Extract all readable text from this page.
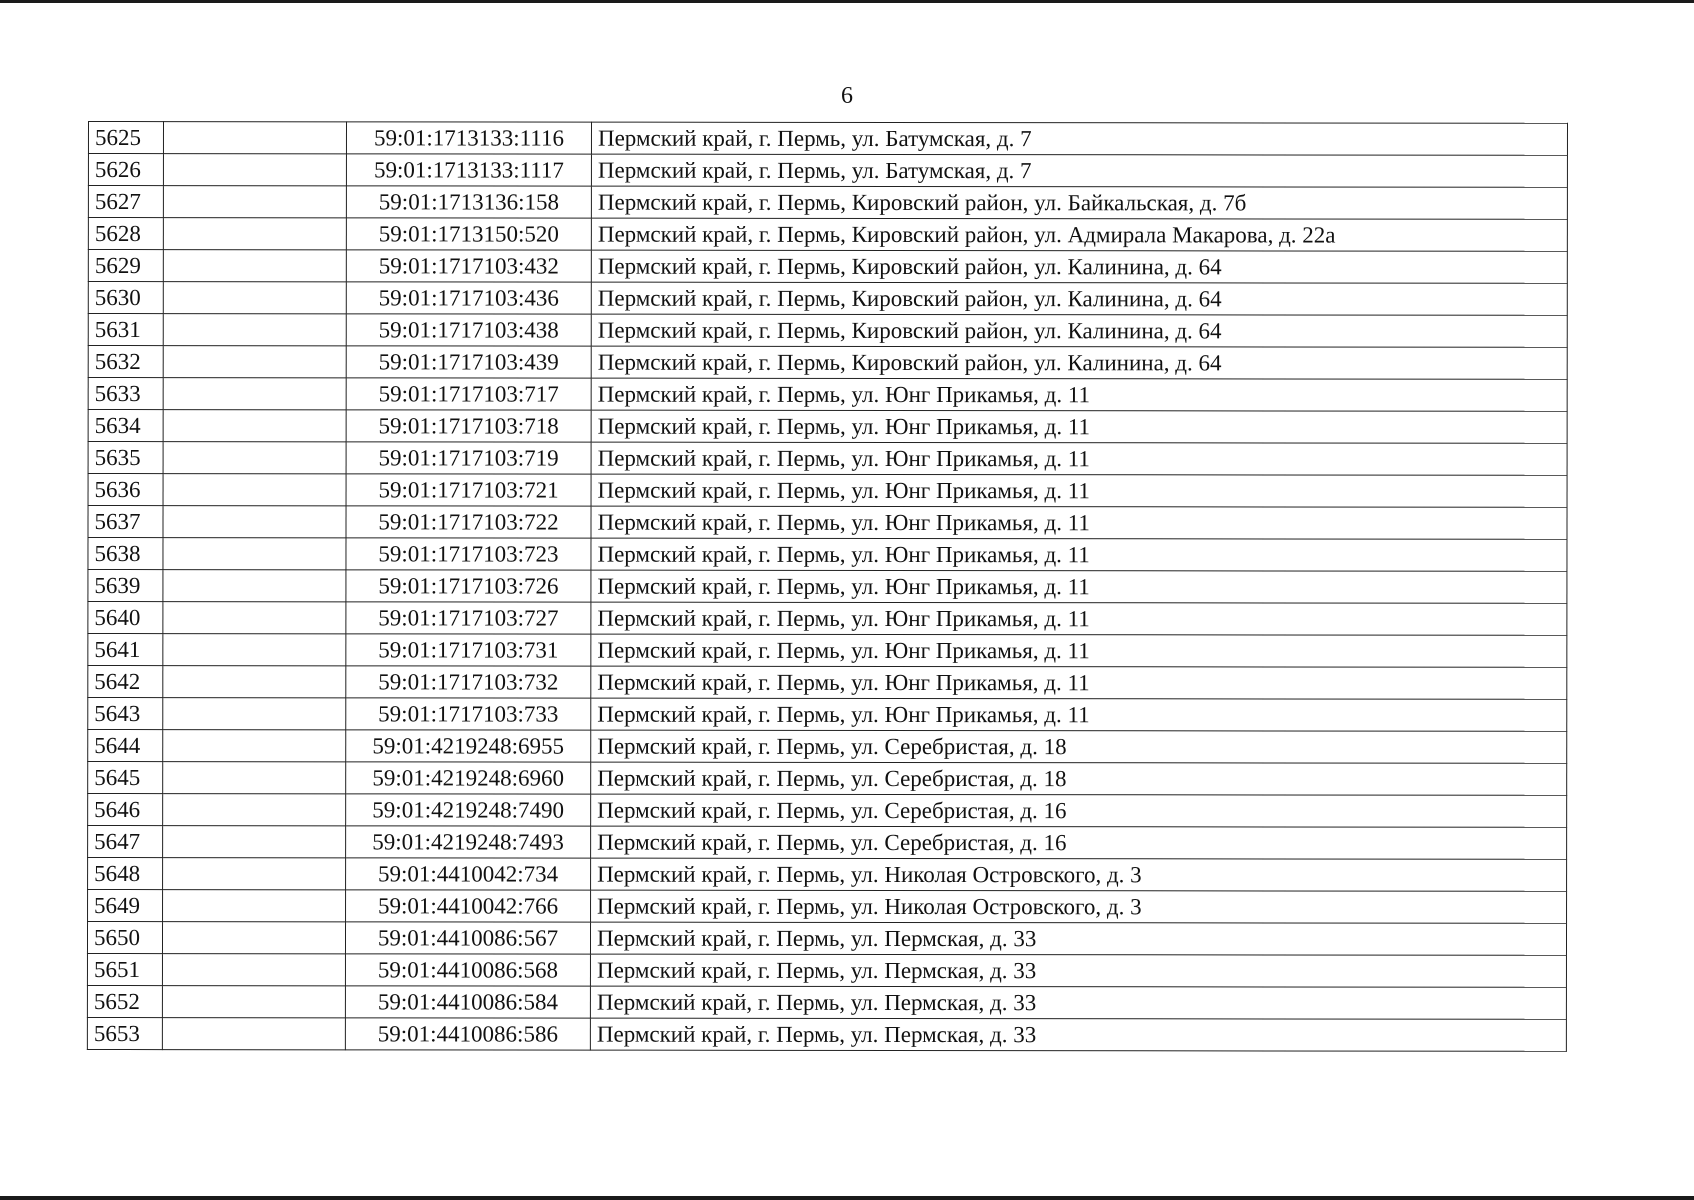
6
5625		59:01:1713133:1116	Пермский край, г. Пермь, ул. Батумская, д. 7
5626		59:01:1713133:1117	Пермский край, г. Пермь, ул. Батумская, д. 7
5627		59:01:1713136:158	Пермский край, г. Пермь, Кировский район, ул. Байкальская, д. 7б
5628		59:01:1713150:520	Пермский край, г. Пермь, Кировский район, ул. Адмирала Макарова, д. 22а
5629		59:01:1717103:432	Пермский край, г. Пермь, Кировский район, ул. Калинина, д. 64
5630		59:01:1717103:436	Пермский край, г. Пермь, Кировский район, ул. Калинина, д. 64
5631		59:01:1717103:438	Пермский край, г. Пермь, Кировский район, ул. Калинина, д. 64
5632		59:01:1717103:439	Пермский край, г. Пермь, Кировский район, ул. Калинина, д. 64
5633		59:01:1717103:717	Пермский край, г. Пермь, ул. Юнг Прикамья, д. 11
5634		59:01:1717103:718	Пермский край, г. Пермь, ул. Юнг Прикамья, д. 11
5635		59:01:1717103:719	Пермский край, г. Пермь, ул. Юнг Прикамья, д. 11
5636		59:01:1717103:721	Пермский край, г. Пермь, ул. Юнг Прикамья, д. 11
5637		59:01:1717103:722	Пермский край, г. Пермь, ул. Юнг Прикамья, д. 11
5638		59:01:1717103:723	Пермский край, г. Пермь, ул. Юнг Прикамья, д. 11
5639		59:01:1717103:726	Пермский край, г. Пермь, ул. Юнг Прикамья, д. 11
5640		59:01:1717103:727	Пермский край, г. Пермь, ул. Юнг Прикамья, д. 11
5641		59:01:1717103:731	Пермский край, г. Пермь, ул. Юнг Прикамья, д. 11
5642		59:01:1717103:732	Пермский край, г. Пермь, ул. Юнг Прикамья, д. 11
5643		59:01:1717103:733	Пермский край, г. Пермь, ул. Юнг Прикамья, д. 11
5644		59:01:4219248:6955	Пермский край, г. Пермь, ул. Серебристая, д. 18
5645		59:01:4219248:6960	Пермский край, г. Пермь, ул. Серебристая, д. 18
5646		59:01:4219248:7490	Пермский край, г. Пермь, ул. Серебристая, д. 16
5647		59:01:4219248:7493	Пермский край, г. Пермь, ул. Серебристая, д. 16
5648		59:01:4410042:734	Пермский край, г. Пермь, ул. Николая Островского, д. 3
5649		59:01:4410042:766	Пермский край, г. Пермь, ул. Николая Островского, д. 3
5650		59:01:4410086:567	Пермский край, г. Пермь, ул. Пермская, д. 33
5651		59:01:4410086:568	Пермский край, г. Пермь, ул. Пермская, д. 33
5652		59:01:4410086:584	Пермский край, г. Пермь, ул. Пермская, д. 33
5653		59:01:4410086:586	Пермский край, г. Пермь, ул. Пермская, д. 33
